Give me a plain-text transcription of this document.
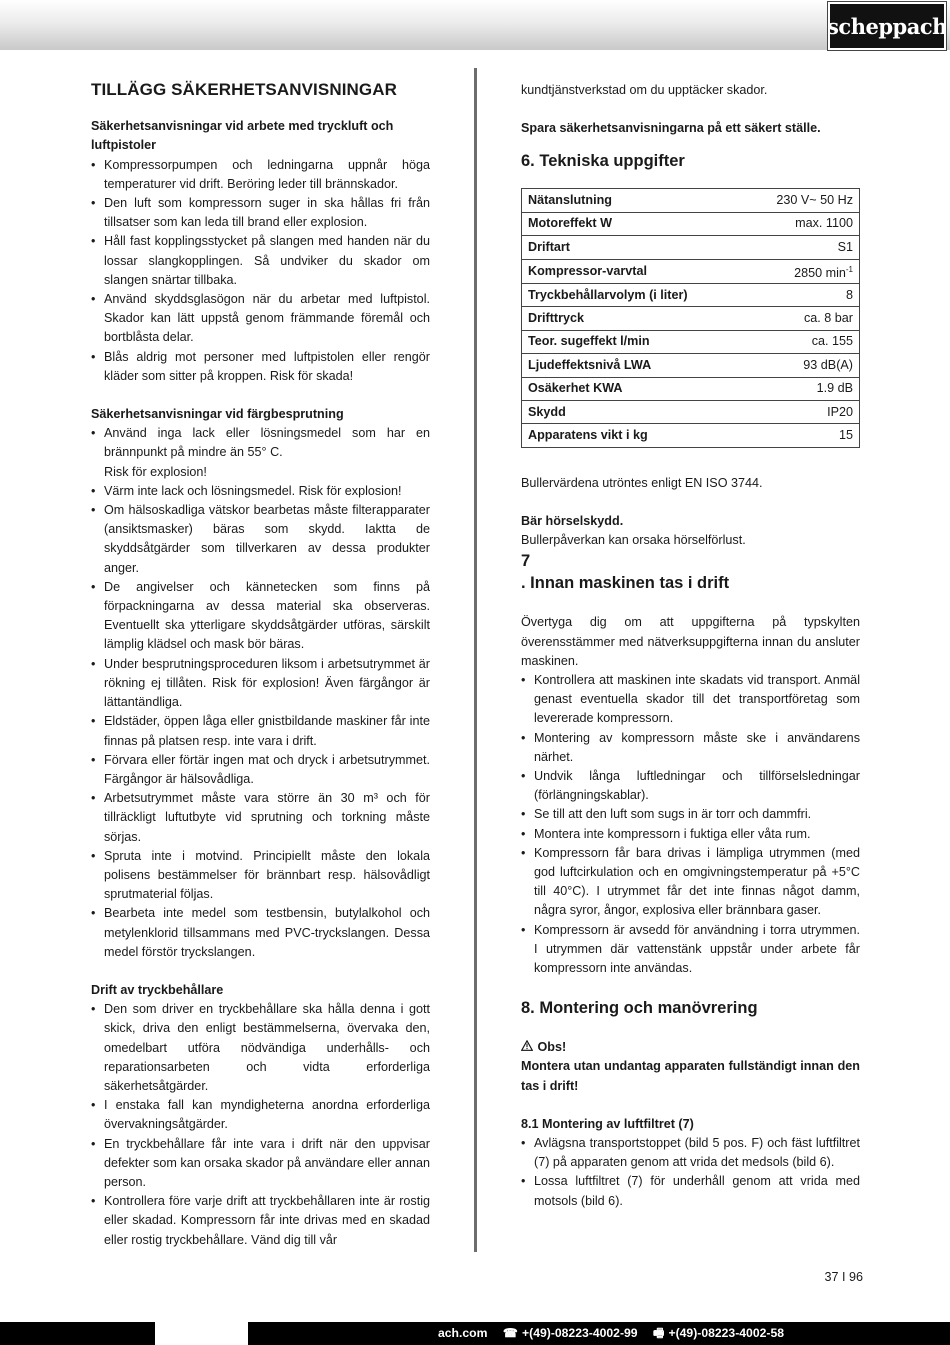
scheppach
TILLÄGG SÄKERHETSANVISNINGAR

Säkerhetsanvisningar vid arbete med tryckluft och luftpistoler

• Kompressorpumpen och ledningarna uppnår höga temperaturer vid drift. Beröring leder till brännskador.
• Den luft som kompressorn suger in ska hållas fri från tillsatser som kan leda till brand eller explosion.
• Håll fast kopplingsstycket på slangen med handen när du lossar slangkopplingen. Så undviker du skador om slangen snärtar tillbaka.
• Använd skyddsglasögon när du arbetar med luftpistol. Skador kan lätt uppstå genom främmande föremål och bortblåsta delar.
• Blås aldrig mot personer med luftpistolen eller rengör kläder som sitter på kroppen. Risk för skada!

Säkerhetsanvisningar vid färgbesprutning

• Använd inga lack eller lösningsmedel som har en brännpunkt på mindre än 55° C.
Risk för explosion!
• Värm inte lack och lösningsmedel. Risk för explosion!
• Om hälsoskadliga vätskor bearbetas måste filterapparater (ansiktsmasker) bäras som skydd. Iaktta de skyddsåtgärder som tillverkaren av dessa produkter anger.
• De angivelser och kännetecken som finns på förpackningarna av dessa material ska observeras. Eventuellt ska ytterligare skyddsåtgärder utföras, särskilt lämplig klädsel och mask bör bäras.
• Under besprutningsproceduren liksom i arbetsutrymmet är rökning ej tillåten. Risk för explosion! Även färgångor är lättantändliga.
• Eldstäder, öppen låga eller gnistbildande maskiner får inte finnas på platsen resp. inte vara i drift.
• Förvara eller förtär ingen mat och dryck i arbetsutrymmet. Färgångor är hälsovådliga.
• Arbetsutrymmet måste vara större än 30 m³ och för tillräckligt luftutbyte vid sprutning och torkning måste sörjas.
• Spruta inte i motvind. Principiellt måste den lokala polisens bestämmelser för brännbart resp. hälsovådligt sprutmaterial följas.
• Bearbeta inte medel som testbensin, butylalkohol och metylenklorid tillsammans med PVC-tryckslangen. Dessa medel förstör tryckslangen.

Drift av tryckbehållare

• Den som driver en tryckbehållare ska hålla denna i gott skick, driva den enligt bestämmelserna, övervaka den, omedelbart utföra nödvändiga underhålls- och reparationsarbeten och vidta erforderliga säkerhetsåtgärder.
• I enstaka fall kan myndigheterna anordna erforderliga övervakningsåtgärder.
• En tryckbehållare får inte vara i drift när den uppvisar defekter som kan orsaka skador på användare eller annan person.
• Kontrollera före varje drift att tryckbehållaren inte är rostig eller skadad. Kompressorn får inte drivas med en skadad eller rostig tryckbehållare. Vänd dig till vår

kundtjänstverkstad om du upptäcker skador.

Spara säkerhetsanvisningarna på ett säkert ställe.

6. Tekniska uppgifter
Nätanslutning	230 V~ 50 Hz
Motoreffekt W	max. 1100
Driftart	S1
Kompressor-varvtal	2850 $\min^{-1}$
Tryckbehållarvolym (i liter)	8
Drifttryck	ca. 8 bar
Teor. sugeffekt l/min	ca. 155
Ljudeffektsnivå LWA	93 dB(A)
Osäkerhet KWA	1.9 dB
Skydd	IP20
Apparatens vikt i kg	15

Bullervärdena utröntes enligt EN ISO 3744.

Bär hörselskydd.

Bullerpåverkan kan orsaka hörselförlust.

7
. Innan maskinen tas i drift

Övertyga dig om att uppgifterna på typskylten överensstämmer med nätverksuppgifterna innan du ansluter maskinen.

• Kontrollera att maskinen inte skadats vid transport. Anmäl genast eventuella skador till det transportföretag som levererade kompressorn.
• Montering av kompressorn måste ske i användarens närhet.
• Undvik långa luftledningar och tillförselsledningar (förlängningskablar).
• Se till att den luft som sugs in är torr och dammfri.
• Montera inte kompressorn i fuktiga eller våta rum.
• Kompressorn får bara drivas i lämpliga utrymmen (med god luftcirkulation och en omgivningstemperatur på +5°C till 40°C). I utrymmet får det inte finnas något damm, några syror, ångor, explosiva eller brännbara gaser.
• Kompressorn är avsedd för användning i torra utrymmen. I utrymmen där vattenstänk uppstår under arbete får kompressorn inte användas.
8. Montering och manövrering

Obs!

Montera utan undantag apparaten fullständigt innan den tas i drift!

8.1 Montering av luftfiltret (7)

• Avlägsna transportstoppet (bild 5 pos. F) och fäst luftfiltret (7) på apparaten genom att vrida det medsols (bild 6).
• Lossa luftfiltret (7) för underhåll genom att vrida med motsols (bild 6).
37 I 96
ach.com ☎ +(49)-08223-4002-99 🖷 +(49)-08223-4002-58
